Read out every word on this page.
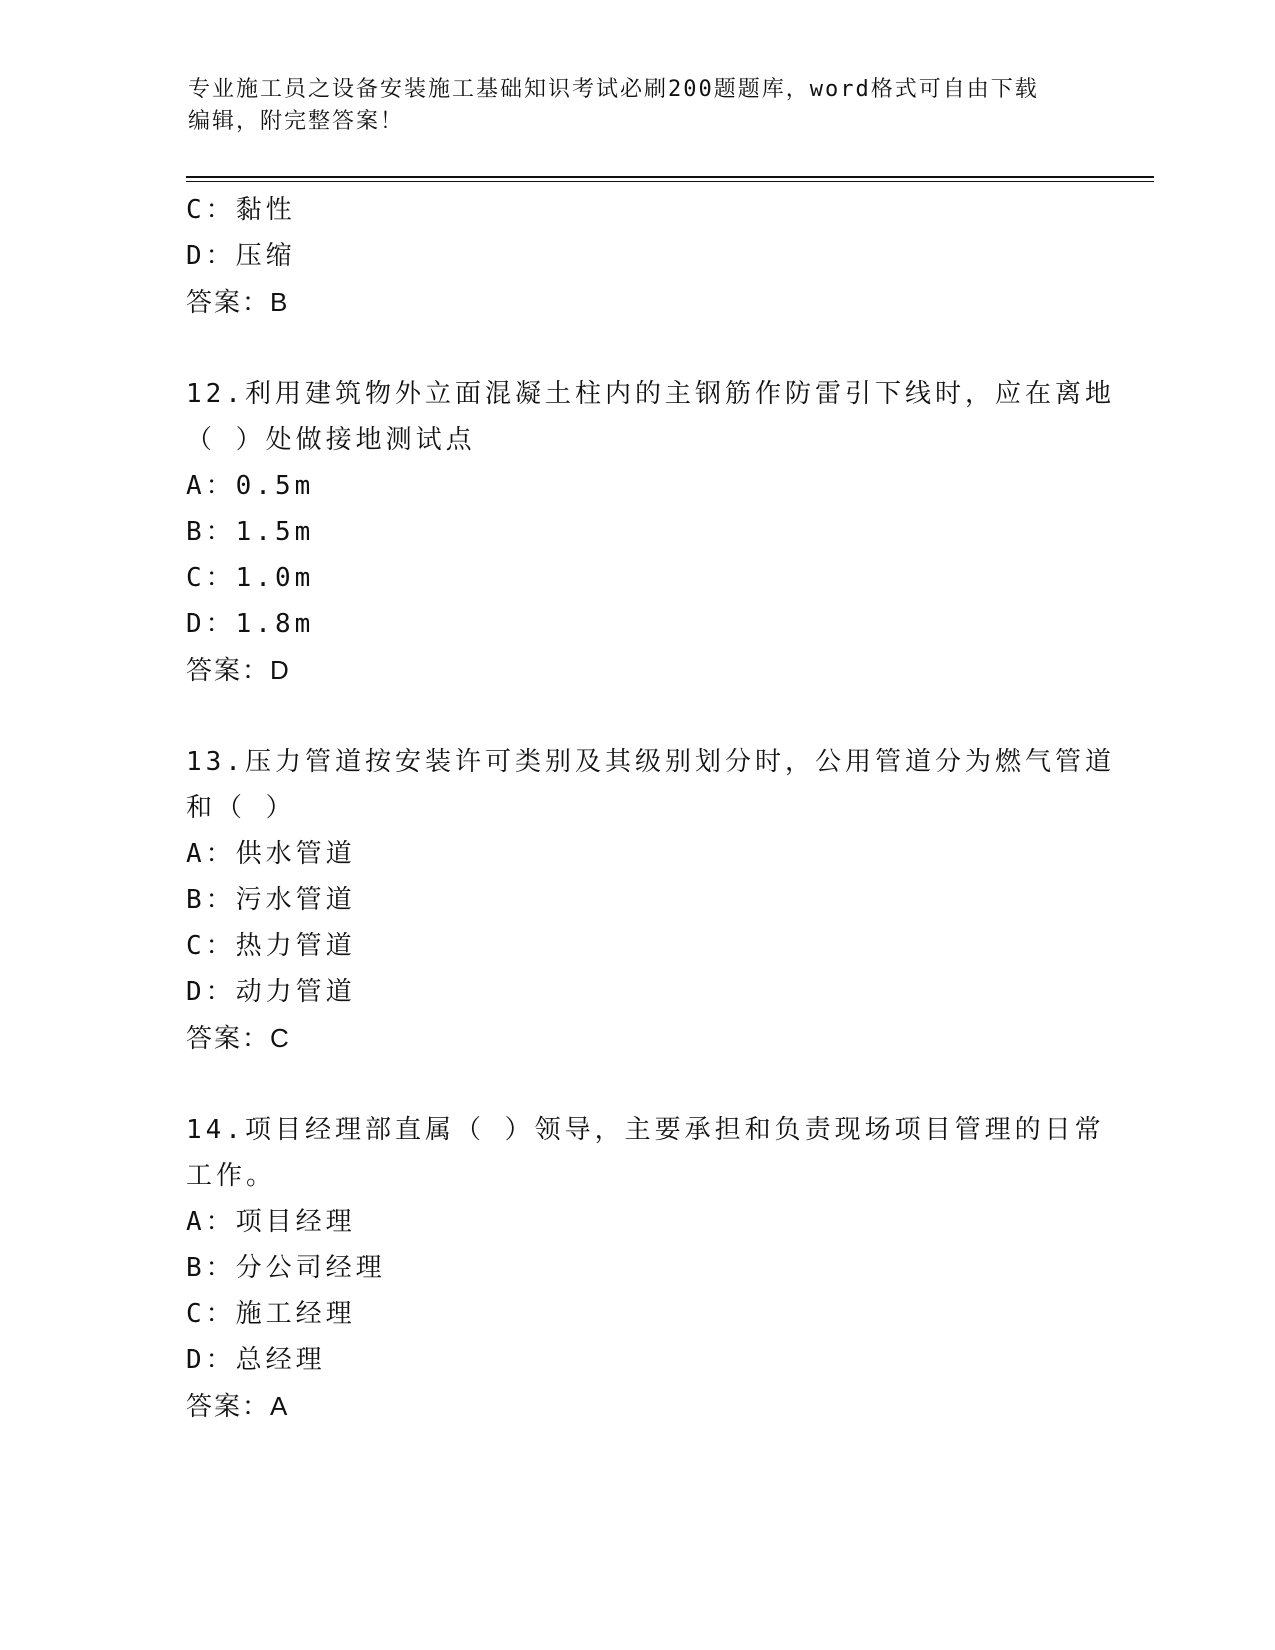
专业施工员之设备安装施工基础知识考试必刷200题题库，word格式可自由下载
编辑，附完整答案！
C：黏性
D：压缩
答案：B
12.利用建筑物外立面混凝土柱内的主钢筋作防雷引下线时，应在离地
（ ）处做接地测试点
A：0.5m
B：1.5m
C：1.0m
D：1.8m
答案：D
13.压力管道按安装许可类别及其级别划分时，公用管道分为燃气管道
和（ ）
A：供水管道
B：污水管道
C：热力管道
D：动力管道
答案：C
14.项目经理部直属（ ）领导，主要承担和负责现场项目管理的日常
工作。
A：项目经理
B：分公司经理
C：施工经理
D：总经理
答案：A
